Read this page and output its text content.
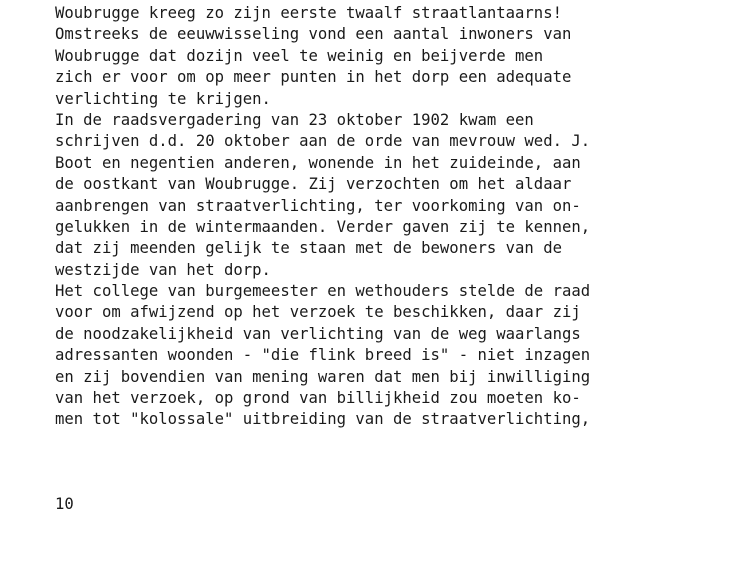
Woubrugge kreeg zo zijn eerste twaalf straatlantaarns!
Omstreeks de eeuwwisseling vond een aantal inwoners van
Woubrugge dat dozijn veel te weinig en beijverde men
zich er voor om op meer punten in het dorp een adequate
verlichting te krijgen.
In de raadsvergadering van 23 oktober 1902 kwam een
schrijven d.d. 20 oktober aan de orde van mevrouw wed. J.
Boot en negentien anderen, wonende in het zuideinde, aan
de oostkant van Woubrugge. Zij verzochten om het aldaar
aanbrengen van straatverlichting, ter voorkoming van on-
gelukken in de wintermaanden. Verder gaven zij te kennen,
dat zij meenden gelijk te staan met de bewoners van de
westzijde van het dorp.
Het college van burgemeester en wethouders stelde de raad
voor om afwijzend op het verzoek te beschikken, daar zij
de noodzakelijkheid van verlichting van de weg waarlangs
adressanten woonden - "die flink breed is" - niet inzagen
en zij bovendien van mening waren dat men bij inwilliging
van het verzoek, op grond van billijkheid zou moeten ko-
men tot "kolossale" uitbreiding van de straatverlichting,
10
